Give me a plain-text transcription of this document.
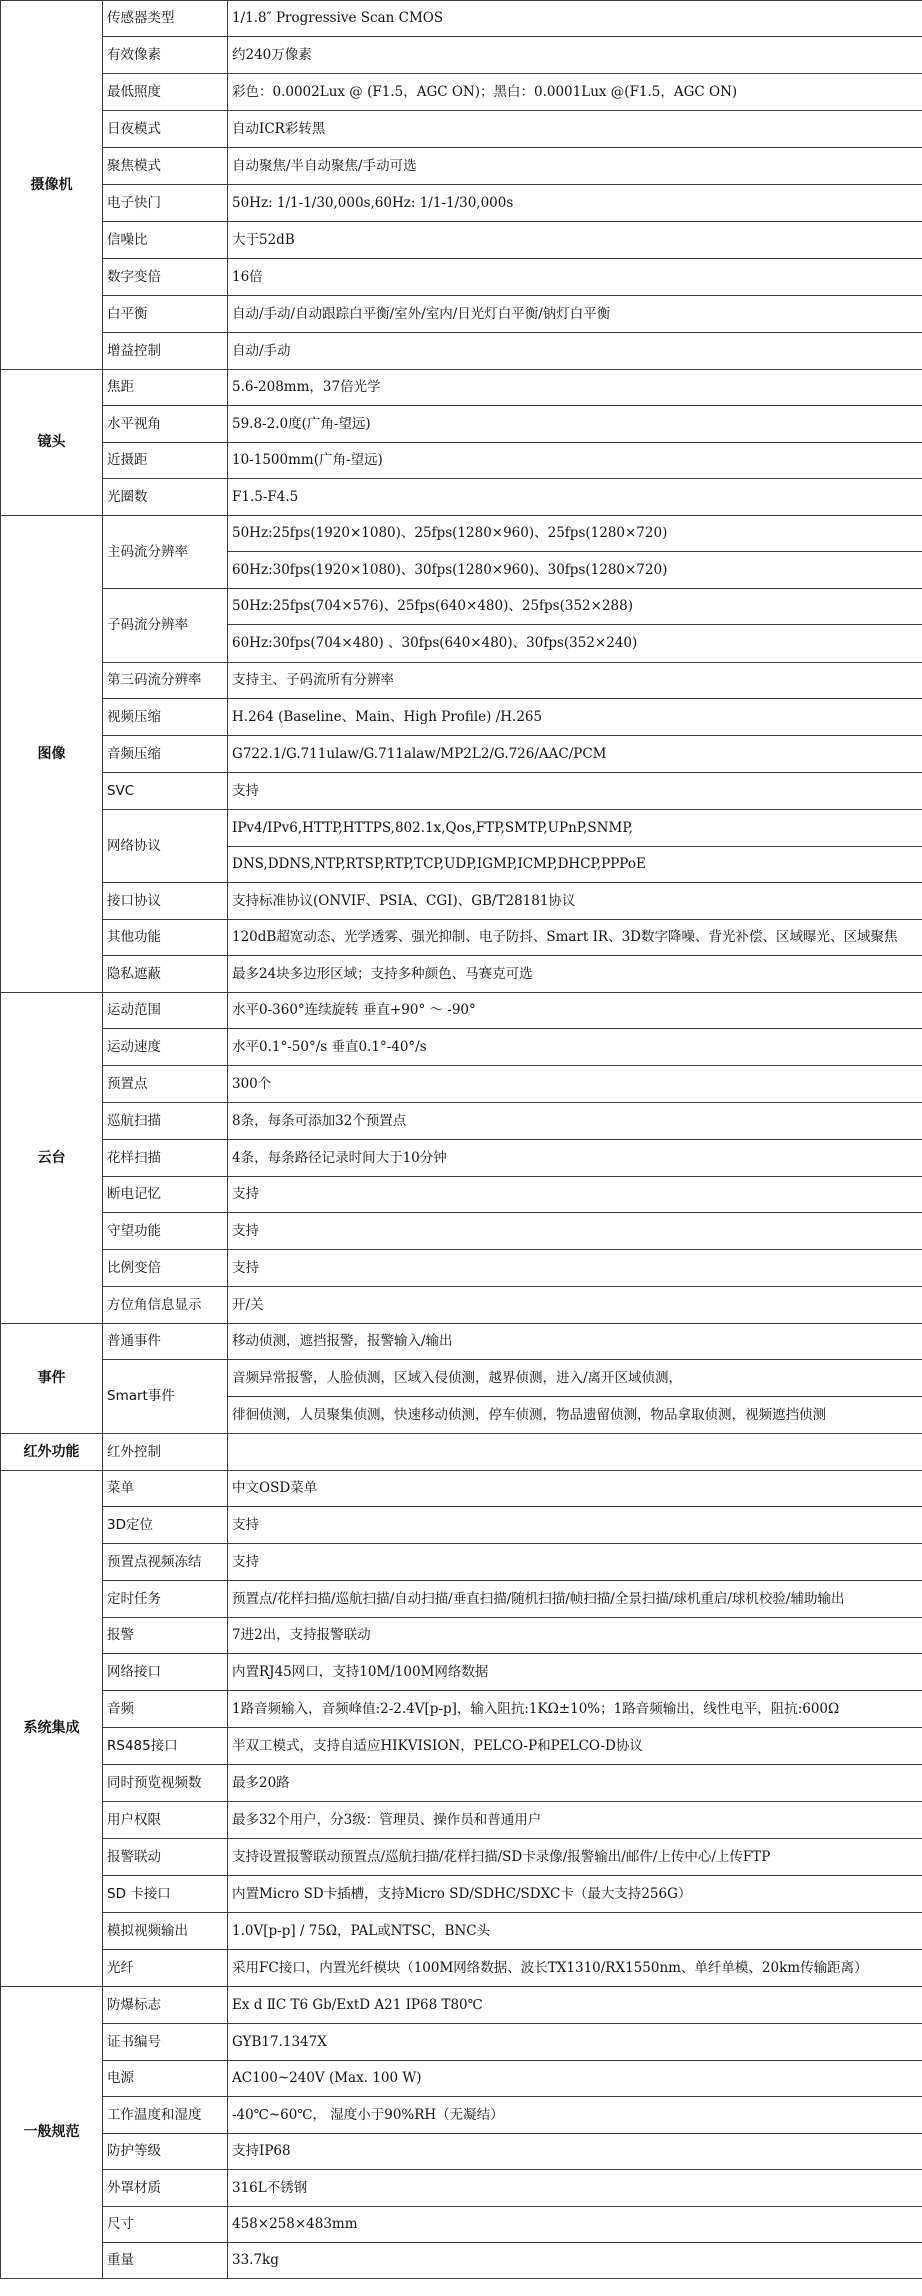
摄像机	传感器类型	1/1.8″ Progressive Scan CMOS
	有效像素	约240万像素
	最低照度	彩色：0.0002Lux @ (F1.5，AGC ON)；黑白：0.0001Lux @(F1.5，AGC ON)
	日夜模式	自动ICR彩转黑
	聚焦模式	自动聚焦/半自动聚焦/手动可选
	电子快门	50Hz: 1/1-1/30,000s,60Hz: 1/1-1/30,000s
	信噪比	大于52dB
	数字变倍	16倍
	白平衡	自动/手动/自动跟踪白平衡/室外/室内/日光灯白平衡/钠灯白平衡
	增益控制	自动/手动
镜头	焦距	5.6-208mm，37倍光学
	水平视角	59.8-2.0度(广角-望远)
	近摄距	10-1500mm(广角-望远)
	光圈数	F1.5-F4.5
图像	主码流分辨率	50Hz:25fps(1920×1080)、25fps(1280×960)、25fps(1280×720)
		60Hz:30fps(1920×1080)、30fps(1280×960)、30fps(1280×720)
	子码流分辨率	50Hz:25fps(704×576)、25fps(640×480)、25fps(352×288)
		60Hz:30fps(704×480) 、30fps(640×480)、30fps(352×240)
	第三码流分辨率	支持主、子码流所有分辨率
	视频压缩	H.264 (Baseline、Main、High Profile) /H.265
	音频压缩	G722.1/G.711ulaw/G.711alaw/MP2L2/G.726/AAC/PCM
	SVC	支持
	网络协议	IPv4/IPv6,HTTP,HTTPS,802.1x,Qos,FTP,SMTP,UPnP,SNMP,
		DNS,DDNS,NTP,RTSP,RTP,TCP,UDP,IGMP,ICMP,DHCP,PPPoE
	接口协议	支持标准协议(ONVIF、PSIA、CGI)、GB/T28181协议
	其他功能	120dB超宽动态、光学透雾、强光抑制、电子防抖、Smart IR、3D数字降噪、背光补偿、区域曝光、区域聚焦
	隐私遮蔽	最多24块多边形区域；支持多种颜色、马赛克可选
云台	运动范围	水平0-360°连续旋转 垂直+90° ～ -90°
	运动速度	水平0.1°-50°/s 垂直0.1°-40°/s
	预置点	300个
	巡航扫描	8条，每条可添加32个预置点
	花样扫描	4条，每条路径记录时间大于10分钟
	断电记忆	支持
	守望功能	支持
	比例变倍	支持
	方位角信息显示	开/关
事件	普通事件	移动侦测，遮挡报警，报警输入/输出
	Smart事件	音频异常报警，人脸侦测，区域入侵侦测，越界侦测，进入/离开区域侦测，
		徘徊侦测，人员聚集侦测，快速移动侦测，停车侦测，物品遗留侦测，物品拿取侦测，视频遮挡侦测
红外功能	红外控制	
系统集成	菜单	中文OSD菜单
	3D定位	支持
	预置点视频冻结	支持
	定时任务	预置点/花样扫描/巡航扫描/自动扫描/垂直扫描/随机扫描/帧扫描/全景扫描/球机重启/球机校验/辅助输出
	报警	7进2出，支持报警联动
	网络接口	内置RJ45网口，支持10M/100M网络数据
	音频	1路音频输入，音频峰值:2-2.4V[p-p]，输入阻抗:1KΩ±10%；1路音频输出，线性电平，阻抗:600Ω
	RS485接口	半双工模式，支持自适应HIKVISION，PELCO-P和PELCO-D协议
	同时预览视频数	最多20路
	用户权限	最多32个用户，分3级：管理员、操作员和普通用户
	报警联动	支持设置报警联动预置点/巡航扫描/花样扫描/SD卡录像/报警输出/邮件/上传中心/上传FTP
	SD 卡接口	内置Micro SD卡插槽，支持Micro SD/SDHC/SDXC卡（最大支持256G）
	模拟视频输出	1.0V[p-p] / 75Ω，PAL或NTSC，BNC头
	光纤	采用FC接口，内置光纤模块（100M网络数据、波长TX1310/RX1550nm、单纤单模、20km传输距离）
一般规范	防爆标志	Ex d ⅡC T6 Gb/ExtD A21 IP68 T80℃
	证书编号	GYB17.1347X
	电源	AC100~240V (Max. 100 W)
	工作温度和湿度	-40℃~60℃， 湿度小于90%RH（无凝结）
	防护等级	支持IP68
	外罩材质	316L不锈钢
	尺寸	458×258×483mm
	重量	33.7kg
